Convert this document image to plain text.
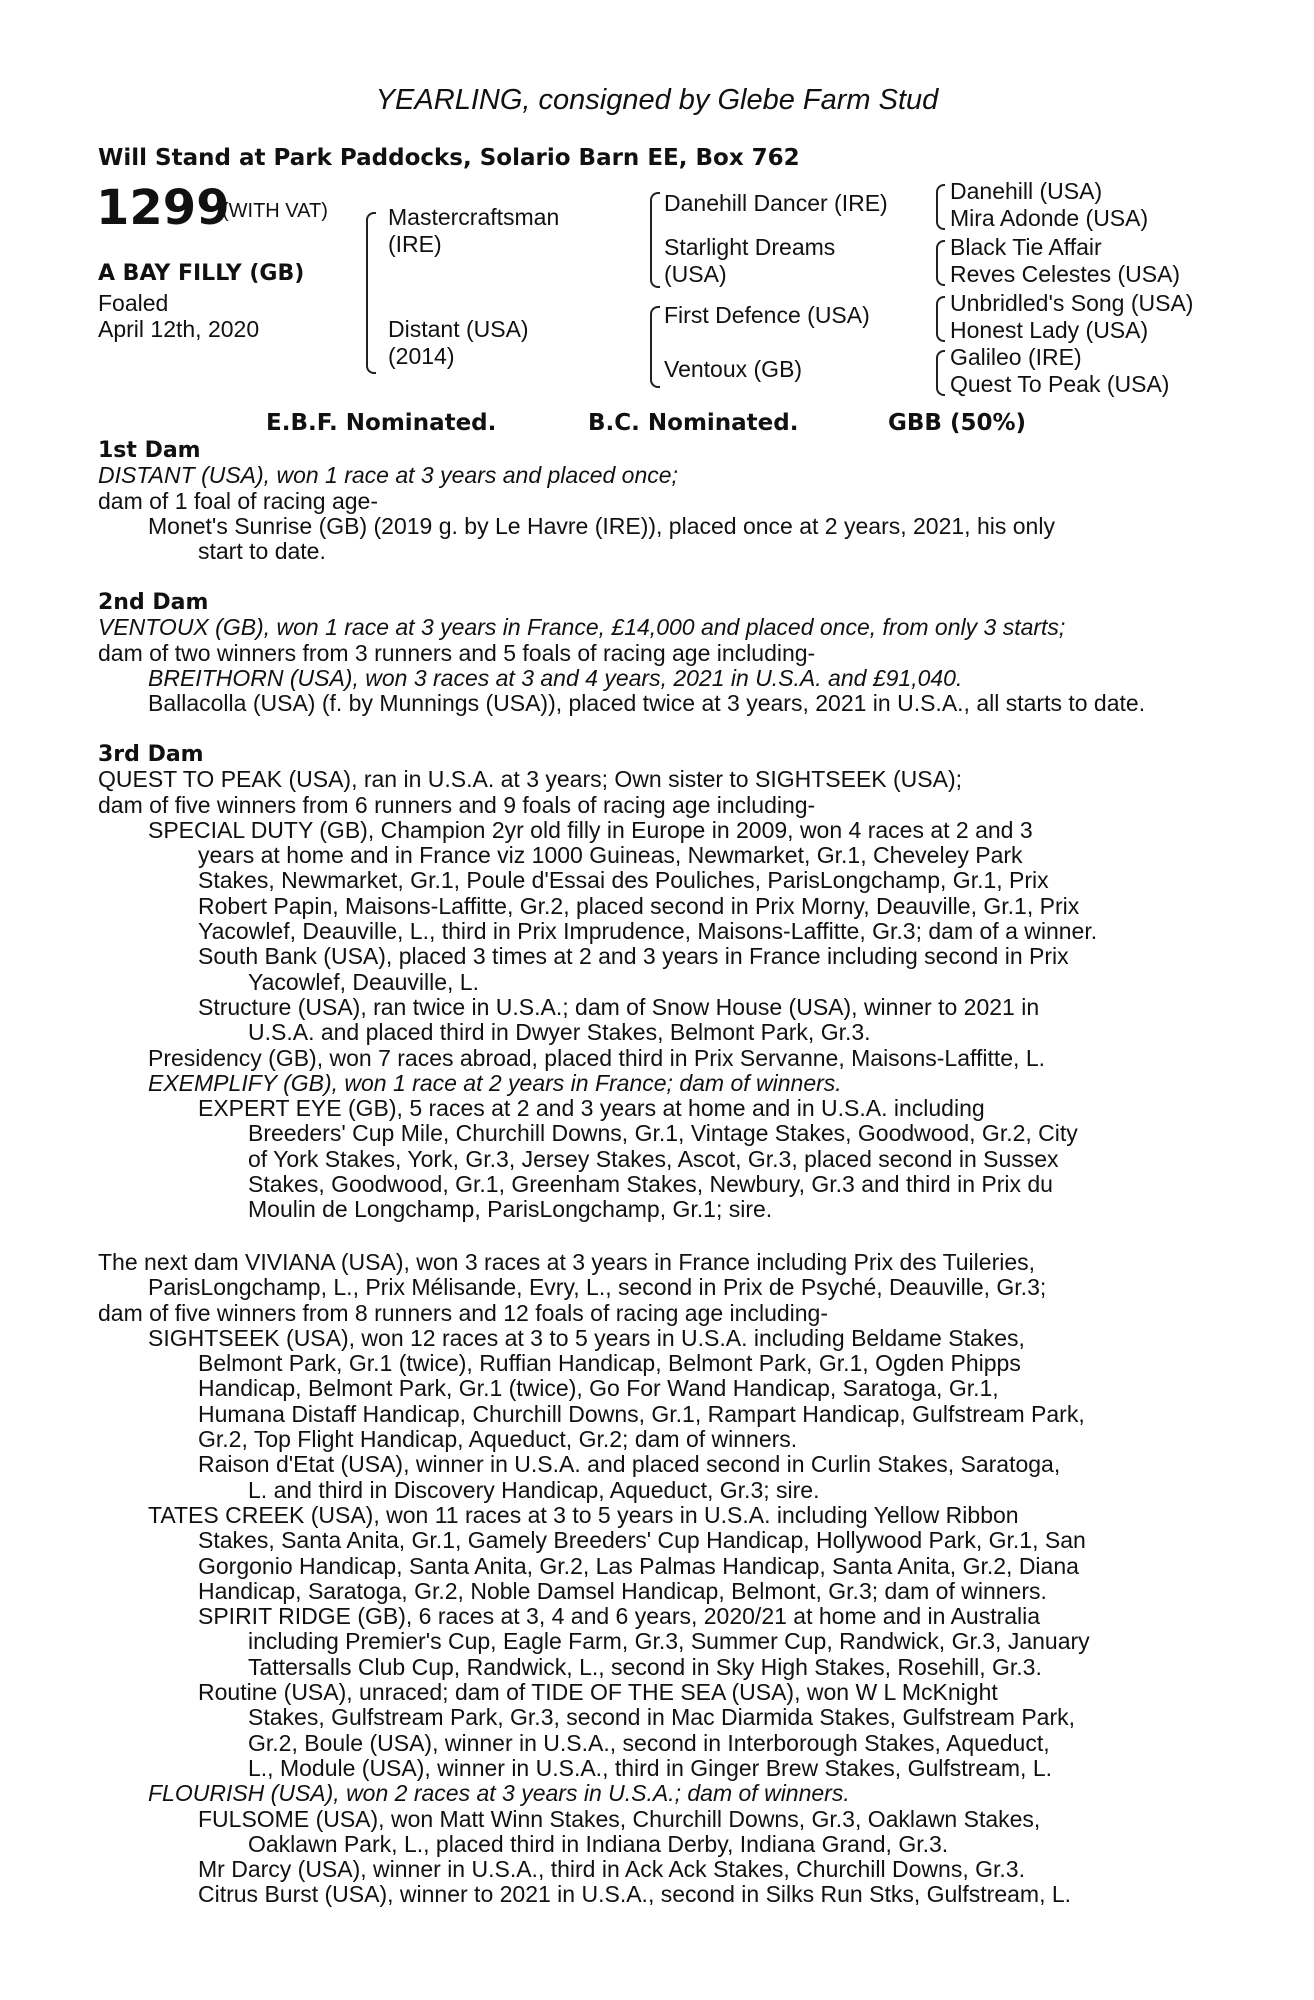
YEARLING, consigned by Glebe Farm Stud
Will Stand at Park Paddocks, Solario Barn EE, Box 762
1299
(WITH VAT)
A BAY FILLY (GB)
Foaled
April 12th, 2020
Mastercraftsman (IRE)
Distant (USA) (2014)
Danehill Dancer (IRE)
Starlight Dreams (USA)
First Defence (USA)
Ventoux (GB)
Danehill (USA)
Mira Adonde (USA)
Black Tie Affair
Reves Celestes (USA)
Unbridled's Song (USA)
Honest Lady (USA)
Galileo (IRE)
Quest To Peak (USA)
E.B.F. Nominated.	B.C. Nominated.	GBB (50%)
1st Dam
DISTANT (USA), won 1 race at 3 years and placed once;
dam of 1 foal of racing age-
Monet's Sunrise (GB) (2019 g. by Le Havre (IRE)), placed once at 2 years, 2021, his only
start to date.
2nd Dam
VENTOUX (GB), won 1 race at 3 years in France, £14,000 and placed once, from only 3 starts;
dam of two winners from 3 runners and 5 foals of racing age including-
BREITHORN (USA), won 3 races at 3 and 4 years, 2021 in U.S.A. and £91,040.
Ballacolla (USA) (f. by Munnings (USA)), placed twice at 3 years, 2021 in U.S.A., all starts to date.
3rd Dam
QUEST TO PEAK (USA), ran in U.S.A. at 3 years; Own sister to SIGHTSEEK (USA);
dam of five winners from 6 runners and 9 foals of racing age including-
SPECIAL DUTY (GB), Champion 2yr old filly in Europe in 2009, won 4 races at 2 and 3
years at home and in France viz 1000 Guineas, Newmarket, Gr.1, Cheveley Park
Stakes, Newmarket, Gr.1, Poule d'Essai des Pouliches, ParisLongchamp, Gr.1, Prix
Robert Papin, Maisons-Laffitte, Gr.2, placed second in Prix Morny, Deauville, Gr.1, Prix
Yacowlef, Deauville, L., third in Prix Imprudence, Maisons-Laffitte, Gr.3; dam of a winner.
South Bank (USA), placed 3 times at 2 and 3 years in France including second in Prix
Yacowlef, Deauville, L.
Structure (USA), ran twice in U.S.A.; dam of Snow House (USA), winner to 2021 in
U.S.A. and placed third in Dwyer Stakes, Belmont Park, Gr.3.
Presidency (GB), won 7 races abroad, placed third in Prix Servanne, Maisons-Laffitte, L.
EXEMPLIFY (GB), won 1 race at 2 years in France; dam of winners.
EXPERT EYE (GB), 5 races at 2 and 3 years at home and in U.S.A. including
Breeders' Cup Mile, Churchill Downs, Gr.1, Vintage Stakes, Goodwood, Gr.2, City
of York Stakes, York, Gr.3, Jersey Stakes, Ascot, Gr.3, placed second in Sussex
Stakes, Goodwood, Gr.1, Greenham Stakes, Newbury, Gr.3 and third in Prix du
Moulin de Longchamp, ParisLongchamp, Gr.1; sire.
The next dam VIVIANA (USA), won 3 races at 3 years in France including Prix des Tuileries,
ParisLongchamp, L., Prix Mélisande, Evry, L., second in Prix de Psyché, Deauville, Gr.3;
dam of five winners from 8 runners and 12 foals of racing age including-
SIGHTSEEK (USA), won 12 races at 3 to 5 years in U.S.A. including Beldame Stakes,
Belmont Park, Gr.1 (twice), Ruffian Handicap, Belmont Park, Gr.1, Ogden Phipps
Handicap, Belmont Park, Gr.1 (twice), Go For Wand Handicap, Saratoga, Gr.1,
Humana Distaff Handicap, Churchill Downs, Gr.1, Rampart Handicap, Gulfstream Park,
Gr.2, Top Flight Handicap, Aqueduct, Gr.2; dam of winners.
Raison d'Etat (USA), winner in U.S.A. and placed second in Curlin Stakes, Saratoga,
L. and third in Discovery Handicap, Aqueduct, Gr.3; sire.
TATES CREEK (USA), won 11 races at 3 to 5 years in U.S.A. including Yellow Ribbon
Stakes, Santa Anita, Gr.1, Gamely Breeders' Cup Handicap, Hollywood Park, Gr.1, San
Gorgonio Handicap, Santa Anita, Gr.2, Las Palmas Handicap, Santa Anita, Gr.2, Diana
Handicap, Saratoga, Gr.2, Noble Damsel Handicap, Belmont, Gr.3; dam of winners.
SPIRIT RIDGE (GB), 6 races at 3, 4 and 6 years, 2020/21 at home and in Australia
including Premier's Cup, Eagle Farm, Gr.3, Summer Cup, Randwick, Gr.3, January
Tattersalls Club Cup, Randwick, L., second in Sky High Stakes, Rosehill, Gr.3.
Routine (USA), unraced; dam of TIDE OF THE SEA (USA), won W L McKnight
Stakes, Gulfstream Park, Gr.3, second in Mac Diarmida Stakes, Gulfstream Park,
Gr.2, Boule (USA), winner in U.S.A., second in Interborough Stakes, Aqueduct,
L., Module (USA), winner in U.S.A., third in Ginger Brew Stakes, Gulfstream, L.
FLOURISH (USA), won 2 races at 3 years in U.S.A.; dam of winners.
FULSOME (USA), won Matt Winn Stakes, Churchill Downs, Gr.3, Oaklawn Stakes,
Oaklawn Park, L., placed third in Indiana Derby, Indiana Grand, Gr.3.
Mr Darcy (USA), winner in U.S.A., third in Ack Ack Stakes, Churchill Downs, Gr.3.
Citrus Burst (USA), winner to 2021 in U.S.A., second in Silks Run Stks, Gulfstream, L.
